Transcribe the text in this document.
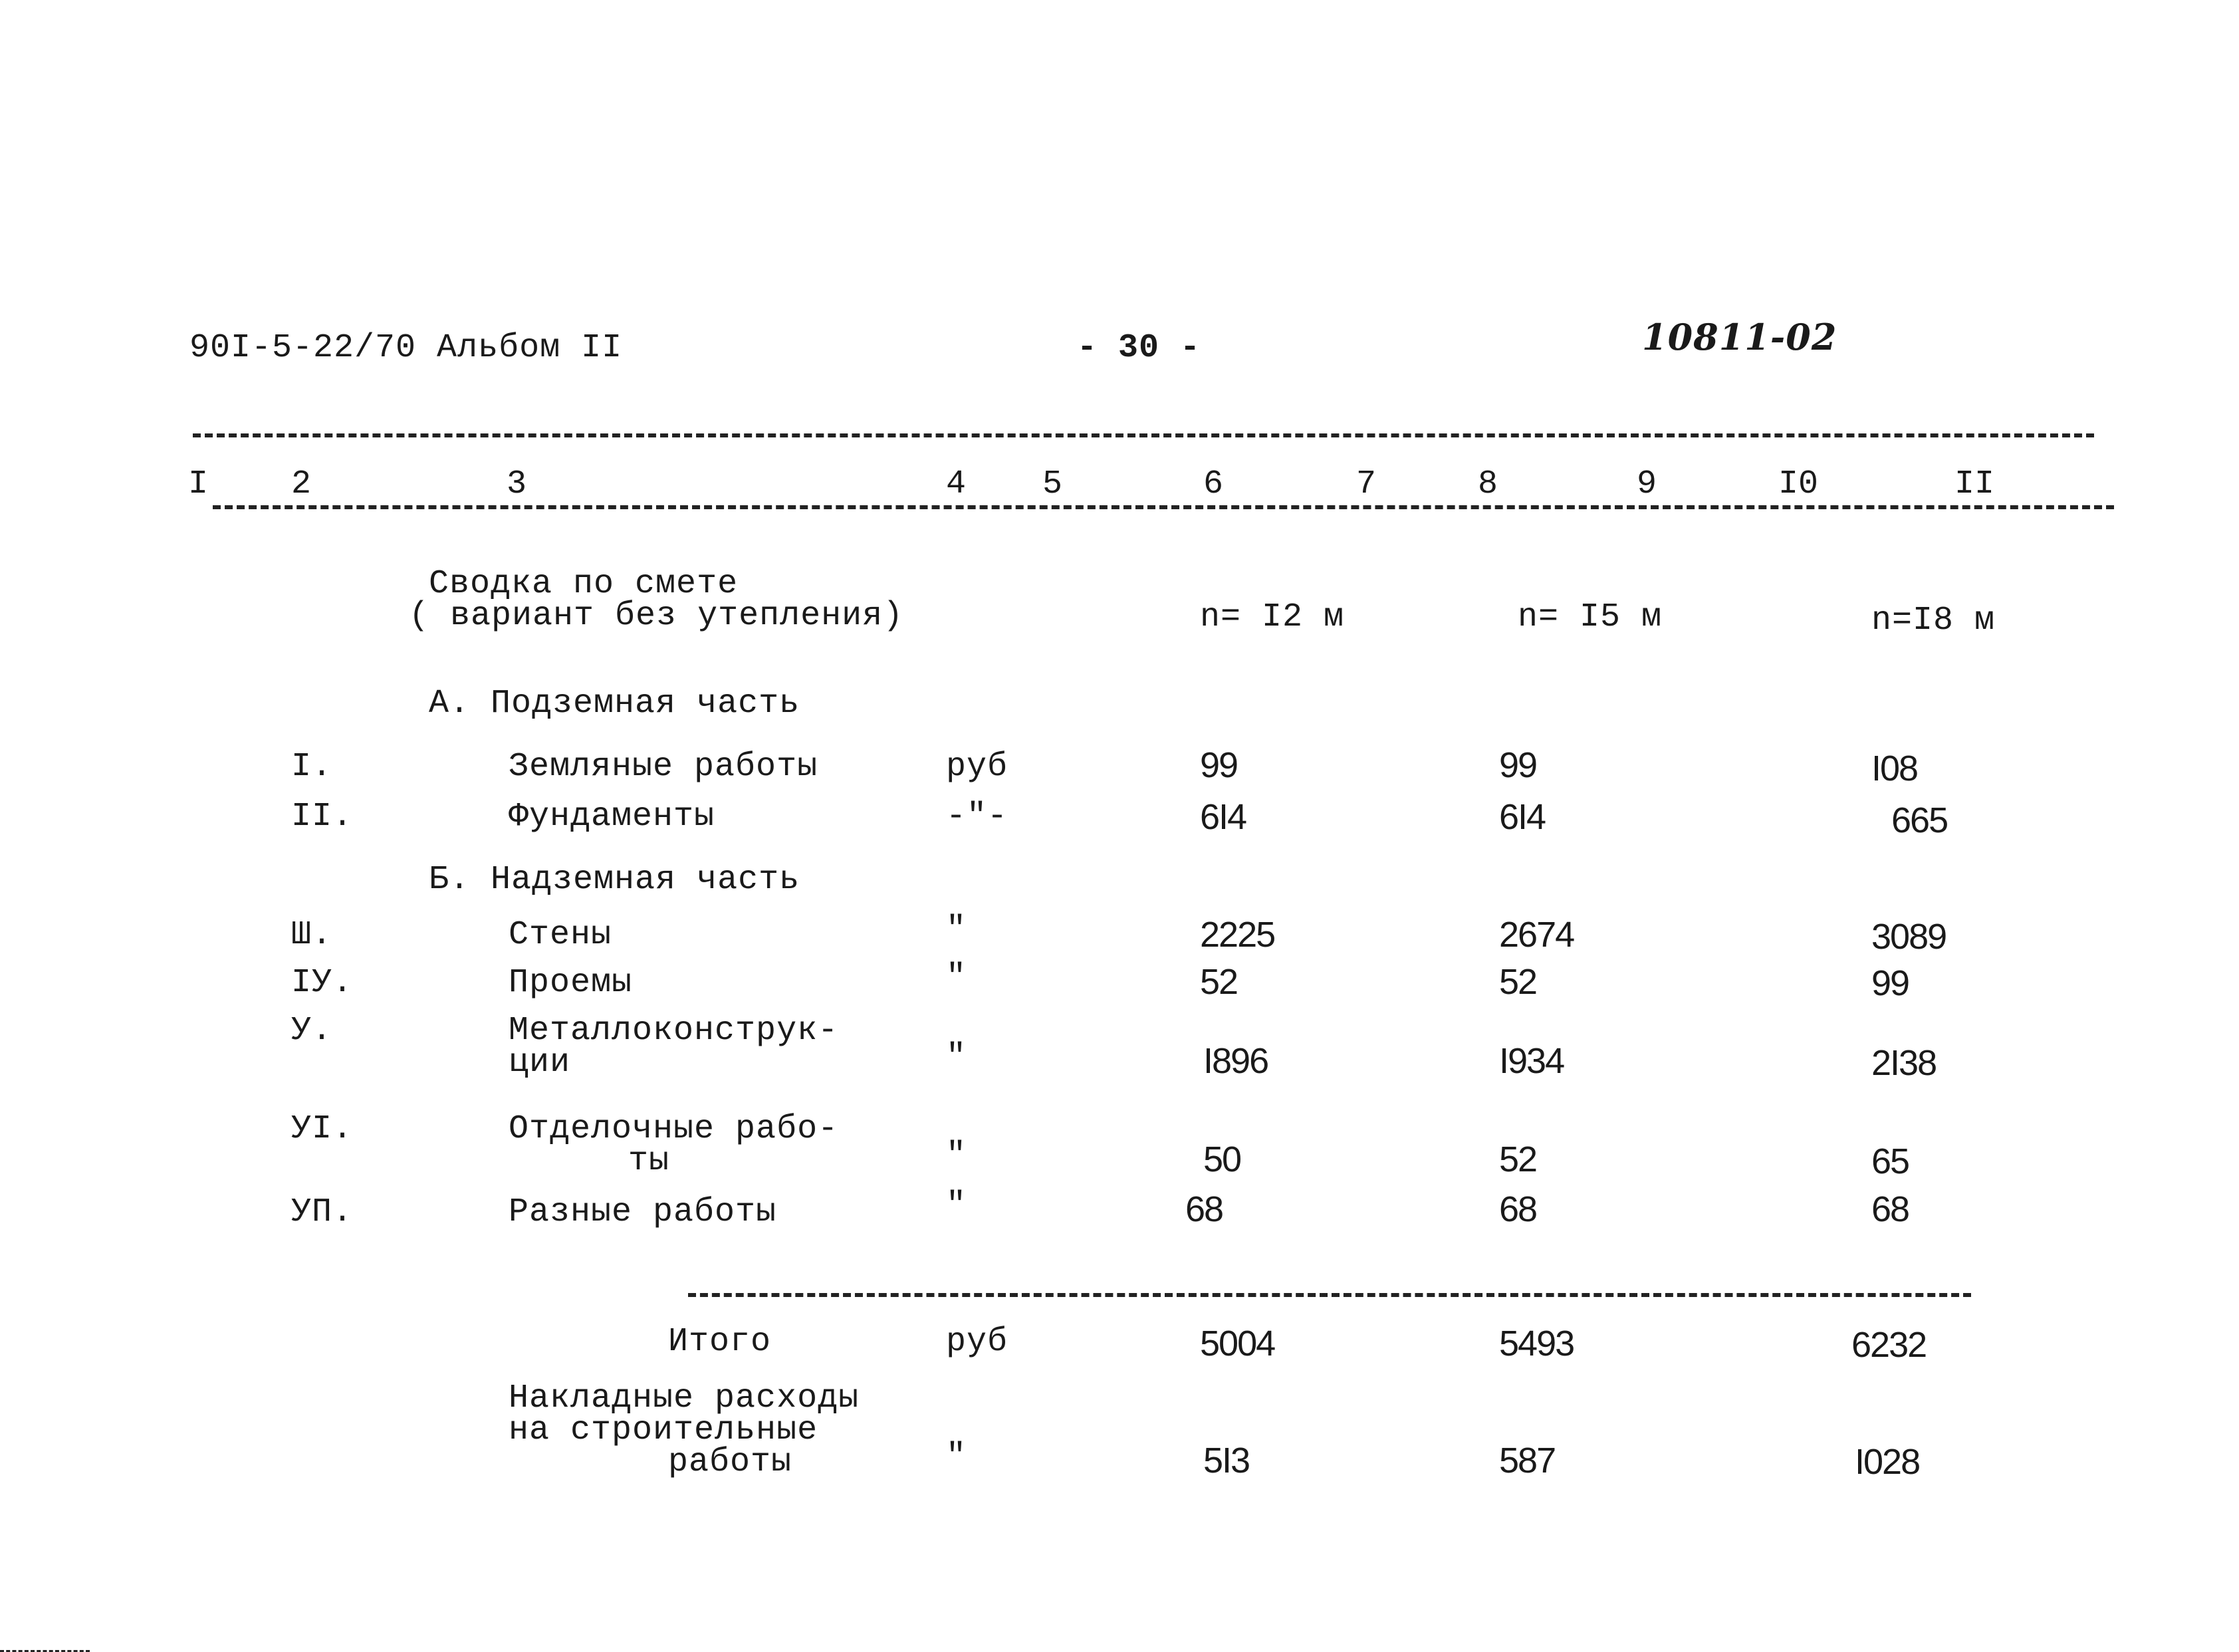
90I-5-22/70 Альбом II	- 30 -	10811-02
I 2	3	4 5	6	7	8	9	I0	II
Сводка по смете
( вариант без утепления)	n= I2 м	n= I5 м	n=I8 м
А. Подземная часть
I.	Земляные работы	руб	99	99	I08
II.	Фундаменты	-"-	6I4	6I4	665
Б. Надземная часть
Ш.	Стены	"	2225	2674	3089
IУ.	Проемы	"	52	52	99
У.	Металлоконструк-
ции	"	I896	I934	2I38
УI.	Отделочные рабо-
ты	"	50	52	65
УП.	Разные работы	"	68	68	68
Итого	руб	5004	5493	6232
Накладные расходы
на строительные
работы	"	5I3	587	I028
